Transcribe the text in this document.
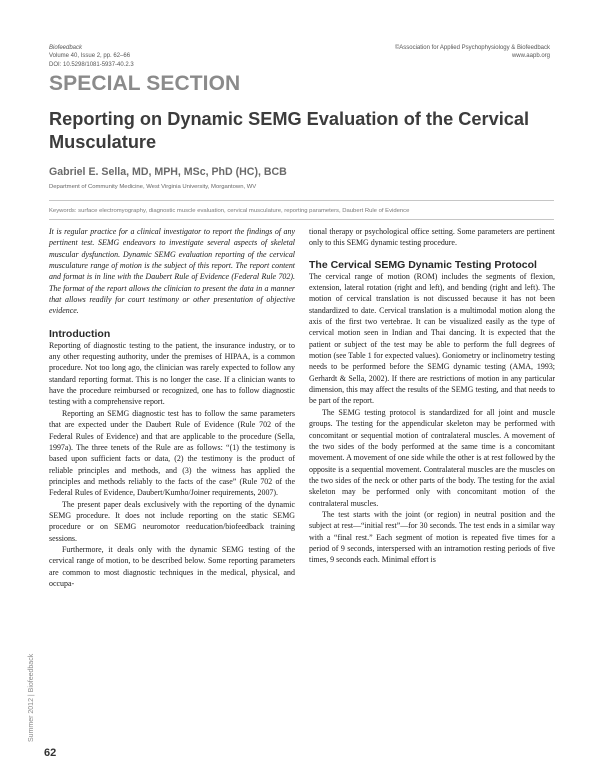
Biofeedback
Volume 40, Issue 2, pp. 62–66
DOI: 10.5298/1081-5937-40.2.3
©Association for Applied Psychophysiology & Biofeedback
www.aapb.org
SPECIAL SECTION
Reporting on Dynamic SEMG Evaluation of the Cervical Musculature
Gabriel E. Sella, MD, MPH, MSc, PhD (HC), BCB
Department of Community Medicine, West Virginia University, Morgantown, WV
Keywords: surface electromyography, diagnostic muscle evaluation, cervical musculature, reporting parameters, Daubert Rule of Evidence

It is regular practice for a clinical investigator to report the findings of any pertinent test. SEMG endeavors to investigate several aspects of skeletal muscular dysfunction. Dynamic SEMG evaluation reporting of the cervical musculature range of motion is the subject of this report. The report content and format is in line with the Daubert Rule of Evidence (Federal Rule 702). The format of the report allows the clinician to present the data in a manner that allows readily for court testimony or other presentation of objective evidence.

Introduction

Reporting of diagnostic testing to the patient, the insurance industry, or to any other requesting authority, under the premises of HIPAA, is a common procedure. Not too long ago, the clinician was rarely expected to follow any standard reporting format. This is no longer the case. If a clinician wants to have the procedure reimbursed or recognized, one has to follow diagnostic testing with a comprehensive report.

Reporting an SEMG diagnostic test has to follow the same parameters that are expected under the Daubert Rule of Evidence (Rule 702 of the Federal Rules of Evidence) and that are applicable to the procedure (Sella, 1997a). The three tenets of the Rule are as follows: “(1) the testimony is based upon sufficient facts or data, (2) the testimony is the product of reliable principles and methods, and (3) the witness has applied the principles and methods reliably to the facts of the case” (Rule 702 of the Federal Rules of Evidence, Daubert/Kumho/Joiner requirements, 2007).

The present paper deals exclusively with the reporting of the dynamic SEMG procedure. It does not include reporting on the static SEMG procedure or on SEMG neuromotor reeducation/biofeedback training sessions.

Furthermore, it deals only with the dynamic SEMG testing of the cervical range of motion, to be described below. Some reporting parameters are common to most diagnostic techniques in the medical, physical, and occupa-

tional therapy or psychological office setting. Some parameters are pertinent only to this SEMG dynamic testing procedure.

The Cervical SEMG Dynamic Testing Protocol

The cervical range of motion (ROM) includes the segments of flexion, extension, lateral rotation (right and left), and bending (right and left). The motion of cervical translation is not discussed because it has not been standardized to date. Cervical translation is a multimodal motion along the axis of the first two vertebrae. It can be visualized easily as the type of cervical motion seen in Indian and Thai dancing. It is expected that the patient or subject of the test may be able to perform the full degrees of motion (see Table 1 for expected values). Goniometry or inclinometry testing needs to be performed before the SEMG dynamic testing (AMA, 1993; Gerhardt & Sella, 2002). If there are restrictions of motion in any particular dimension, this may affect the results of the SEMG testing, and that needs to be part of the report.

The SEMG testing protocol is standardized for all joint and muscle groups. The testing for the appendicular skeleton may be performed with concomitant or sequential motion of contralateral muscles. A movement of the two sides of the body performed at the same time is a concomitant movement. A movement of one side while the other is at rest followed by the opposite is a sequential movement. Contralateral muscles are the muscles on the two sides of the neck or other parts of the body. The testing for the axial skeleton may be performed only with concomitant motion of the contralateral muscles.

The test starts with the joint (or region) in neutral position and the subject at rest—“initial rest”—for 30 seconds. The test ends in a similar way with a “final rest.” Each segment of motion is repeated five times for a period of 9 seconds, interspersed with an intramotion resting periods of five times, 9 seconds each. Minimal effort is

Summer 2012 | Biofeedback
62
